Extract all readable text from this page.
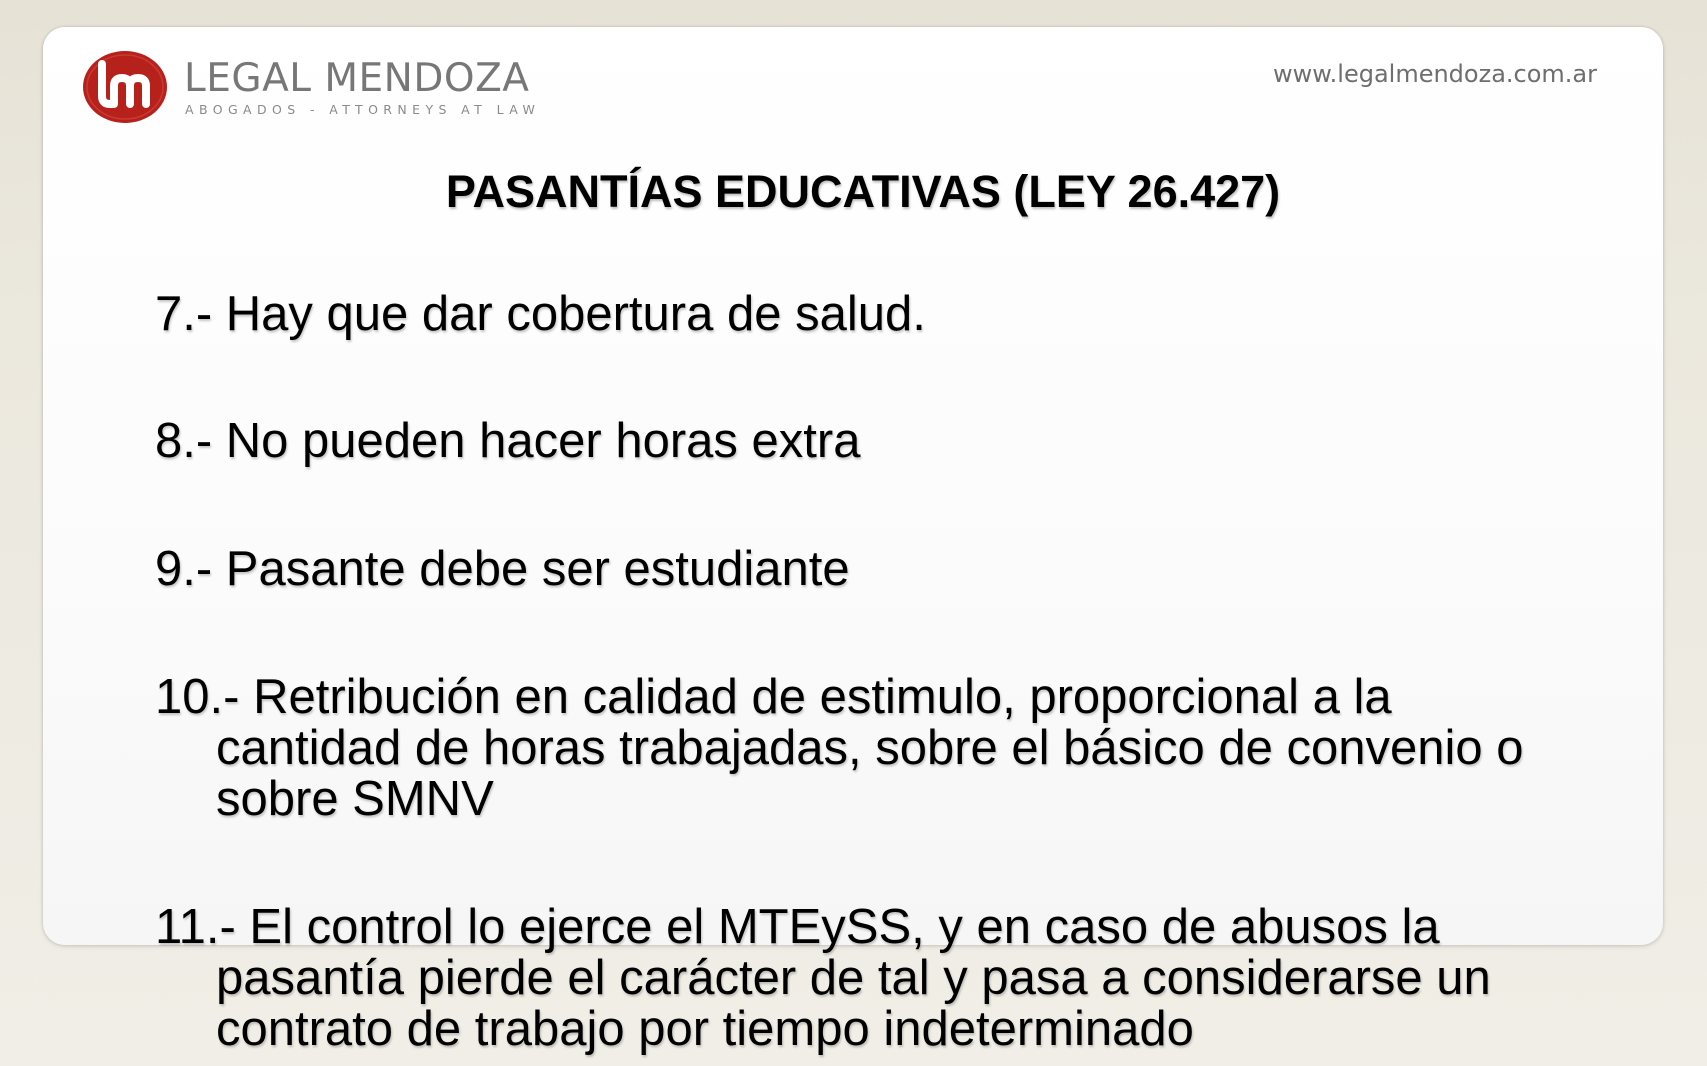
LEGAL MENDOZA
ABOGADOS - ATTORNEYS AT LAW
www.legalmendoza.com.ar
PASANTÍAS EDUCATIVAS (LEY 26.427)
7.- Hay que dar cobertura de salud.
8.- No pueden hacer horas extra
9.- Pasante debe ser estudiante
10.- Retribución en calidad de estimulo, proporcional a la
cantidad de horas trabajadas, sobre el básico de convenio o
sobre SMNV
11.- El control lo ejerce el MTEySS, y en caso de abusos la
pasantía pierde el carácter de tal y pasa a considerarse un
contrato de trabajo por tiempo indeterminado
